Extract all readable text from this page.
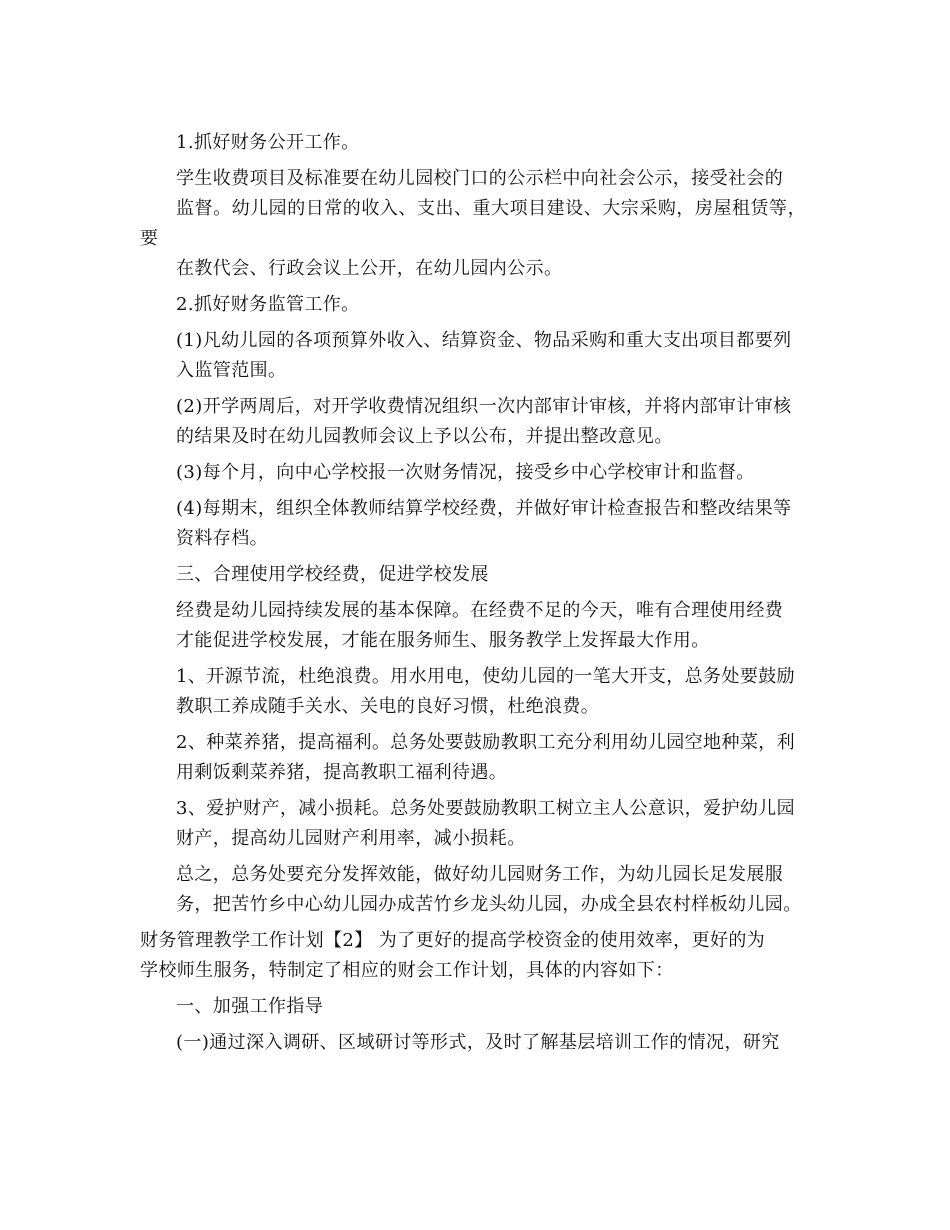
1.抓好财务公开工作。

学生收费项目及标准要在幼儿园校门口的公示栏中向社会公示，接受社会的
监督。幼儿园的日常的收入、支出、重大项目建设、大宗采购，房屋租赁等，要
在教代会、行政会议上公开，在幼儿园内公示。

2.抓好财务监管工作。

(1)凡幼儿园的各项预算外收入、结算资金、物品采购和重大支出项目都要列
入监管范围。

(2)开学两周后，对开学收费情况组织一次内部审计审核，并将内部审计审核
的结果及时在幼儿园教师会议上予以公布，并提出整改意见。

(3)每个月，向中心学校报一次财务情况，接受乡中心学校审计和监督。

(4)每期末，组织全体教师结算学校经费，并做好审计检查报告和整改结果等
资料存档。

三、合理使用学校经费，促进学校发展

经费是幼儿园持续发展的基本保障。在经费不足的今天，唯有合理使用经费
才能促进学校发展，才能在服务师生、服务教学上发挥最大作用。

1、开源节流，杜绝浪费。用水用电，使幼儿园的一笔大开支，总务处要鼓励
教职工养成随手关水、关电的良好习惯，杜绝浪费。

2、种菜养猪，提高福利。总务处要鼓励教职工充分利用幼儿园空地种菜，利
用剩饭剩菜养猪，提高教职工福利待遇。

3、爱护财产，减小损耗。总务处要鼓励教职工树立主人公意识，爱护幼儿园
财产，提高幼儿园财产利用率，减小损耗。

总之，总务处要充分发挥效能，做好幼儿园财务工作，为幼儿园长足发展服
务，把苦竹乡中心幼儿园办成苦竹乡龙头幼儿园，办成全县农村样板幼儿园。

财务管理教学工作计划【2】 为了更好的提高学校资金的使用效率，更好的为
学校师生服务，特制定了相应的财会工作计划，具体的内容如下：

一、加强工作指导

(一)通过深入调研、区域研讨等形式，及时了解基层培训工作的情况，研究
